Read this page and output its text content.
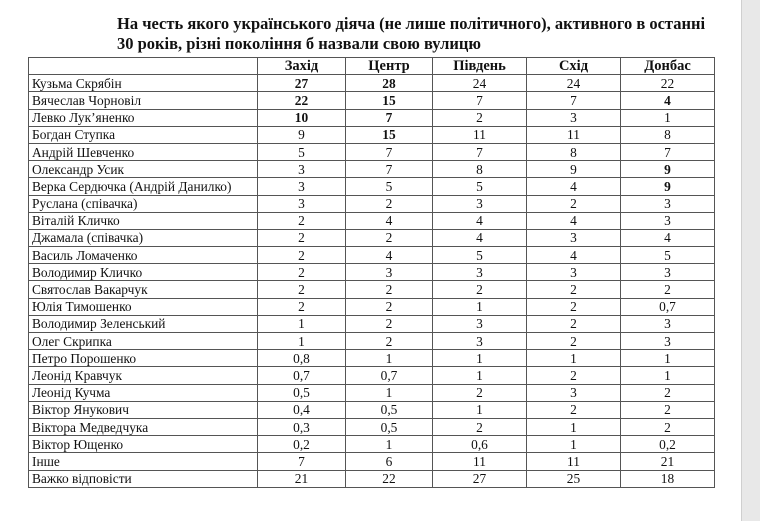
На честь якого українського діяча (не лише політичного), активного в останні 30 років, різні покоління б назвали свою вулицю

	Захід	Центр	Південь	Схід	Донбас
Кузьма Скрябін	27	28	24	24	22
Вячеслав Чорновіл	22	15	7	7	4
Левко Лук’яненко	10	7	2	3	1
Богдан Ступка	9	15	11	11	8
Андрій Шевченко	5	7	7	8	7
Олександр Усик	3	7	8	9	9
Верка Сердючка (Андрій Данилко)	3	5	5	4	9
Руслана (співачка)	3	2	3	2	3
Віталій Кличко	2	4	4	4	3
Джамала (співачка)	2	2	4	3	4
Василь Ломаченко	2	4	5	4	5
Володимир Кличко	2	3	3	3	3
Святослав Вакарчук	2	2	2	2	2
Юлія Тимошенко	2	2	1	2	0,7
Володимир Зеленський	1	2	3	2	3
Олег Скрипка	1	2	3	2	3
Петро Порошенко	0,8	1	1	1	1
Леонід Кравчук	0,7	0,7	1	2	1
Леонід Кучма	0,5	1	2	3	2
Віктор Янукович	0,4	0,5	1	2	2
Віктора Медведчука	0,3	0,5	2	1	2
Віктор Ющенко	0,2	1	0,6	1	0,2
Інше	7	6	11	11	21
Важко відповісти	21	22	27	25	18
